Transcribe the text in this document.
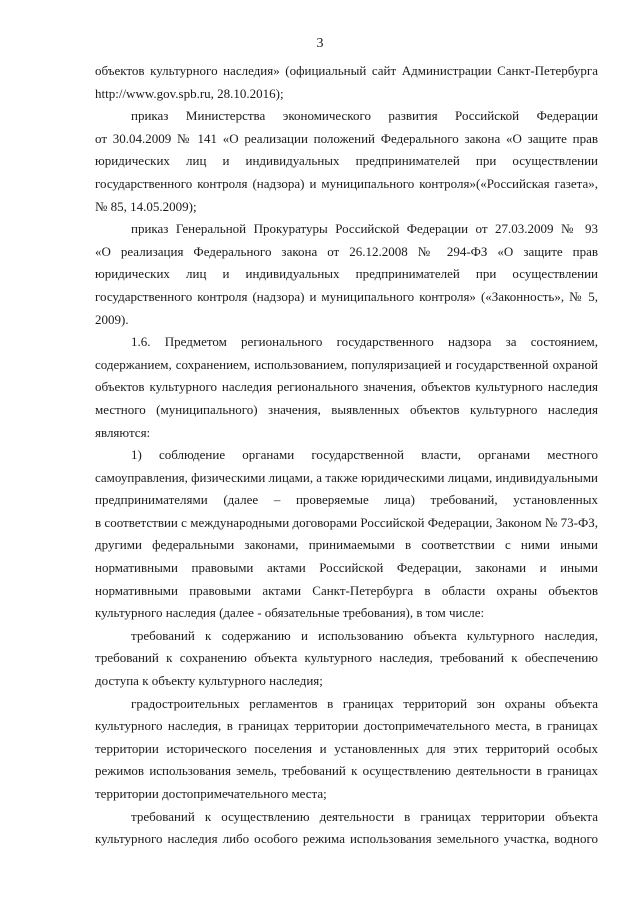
3

объектов культурного наследия» (официальный сайт Администрации Санкт-Петербурга

http://www.gov.spb.ru, 28.10.2016);

приказ Министерства экономического развития Российской Федерации

от 30.04.2009 № 141 «О реализации положений Федерального закона «О защите прав

юридических лиц и индивидуальных предпринимателей при осуществлении

государственного контроля (надзора) и муниципального контроля»(«Российская газета»,

№ 85, 14.05.2009);

приказ Генеральной Прокуратуры Российской Федерации от 27.03.2009 № 93

«О реализация Федерального закона от 26.12.2008 № 294-ФЗ «О защите прав

юридических лиц и индивидуальных предпринимателей при осуществлении

государственного контроля (надзора) и муниципального контроля» («Законность», № 5,

2009).

1.6. Предметом регионального государственного надзора за состоянием,

содержанием, сохранением, использованием, популяризацией и государственной охраной

объектов культурного наследия регионального значения, объектов культурного наследия

местного (муниципального) значения, выявленных объектов культурного наследия

являются:

1) соблюдение органами государственной власти, органами местного

самоуправления, физическими лицами, а также юридическими лицами, индивидуальными

предпринимателями (далее – проверяемые лица) требований, установленных

в соответствии с международными договорами Российской Федерации, Законом № 73-ФЗ,

другими федеральными законами, принимаемыми в соответствии с ними иными

нормативными правовыми актами Российской Федерации, законами и иными

нормативными правовыми актами Санкт-Петербурга в области охраны объектов

культурного наследия (далее - обязательные требования), в том числе:

требований к содержанию и использованию объекта культурного наследия,

требований к сохранению объекта культурного наследия, требований к обеспечению

доступа к объекту культурного наследия;

градостроительных регламентов в границах территорий зон охраны объекта

культурного наследия, в границах территории достопримечательного места, в границах

территории исторического поселения и установленных для этих территорий особых

режимов использования земель, требований к осуществлению деятельности в границах

территории достопримечательного места;

требований к осуществлению деятельности в границах территории объекта

культурного наследия либо особого режима использования земельного участка, водного
